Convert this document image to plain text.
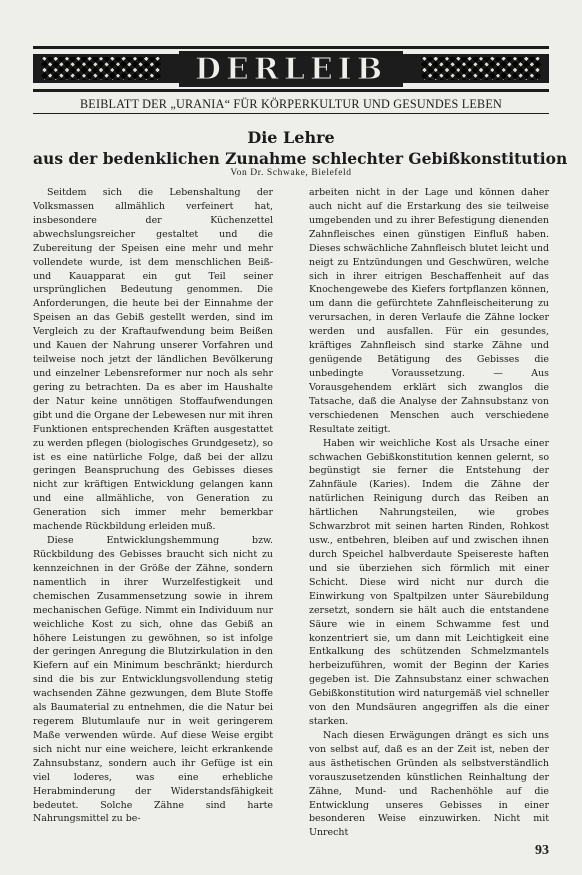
DERLEIB
BEIBLATT DER „URANIA“ FÜR KÖRPERKULTUR UND GESUNDES LEBEN
Die Lehre
aus der bedenklichen Zunahme schlechter Gebißkonstitution
Von Dr. Schwake, Bielefeld

Seitdem sich die Lebenshaltung der Volksmassen allmählich verfeinert hat, insbesondere der Küchenzettel abwechslungsreicher gestaltet und die Zubereitung der Speisen eine mehr und mehr vollendete wurde, ist dem menschlichen Beiß- und Kauapparat ein gut Teil seiner ursprünglichen Bedeutung genommen. Die Anforderungen, die heute bei der Einnahme der Speisen an das Gebiß gestellt werden, sind im Vergleich zu der Kraftaufwendung beim Beißen und Kauen der Nahrung unserer Vorfahren und teilweise noch jetzt der ländlichen Bevölkerung und einzelner Lebensreformer nur noch als sehr gering zu betrachten. Da es aber im Haushalte der Natur keine unnötigen Stoffaufwendungen gibt und die Organe der Lebewesen nur mit ihren Funktionen entsprechenden Kräften ausgestattet zu werden pflegen (biologisches Grundgesetz), so ist es eine natürliche Folge, daß bei der allzu geringen Beanspruchung des Gebisses dieses nicht zur kräftigen Entwicklung gelangen kann und eine allmähliche, von Generation zu Generation sich immer mehr bemerkbar machende Rückbildung erleiden muß.

Diese Entwicklungshemmung bzw. Rückbildung des Gebisses braucht sich nicht zu kennzeichnen in der Größe der Zähne, sondern namentlich in ihrer Wurzelfestigkeit und chemischen Zusammensetzung sowie in ihrem mechanischen Gefüge. Nimmt ein Individuum nur weichliche Kost zu sich, ohne das Gebiß an höhere Leistungen zu gewöhnen, so ist infolge der geringen Anregung die Blutzirkulation in den Kiefern auf ein Minimum beschränkt; hierdurch sind die bis zur Entwicklungsvollendung stetig wachsenden Zähne gezwungen, dem Blute Stoffe als Baumaterial zu entnehmen, die die Natur bei regerem Blutumlaufe nur in weit geringerem Maße verwenden würde. Auf diese Weise ergibt sich nicht nur eine weichere, leicht erkrankende Zahnsubstanz, sondern auch ihr Gefüge ist ein viel loderes, was eine erhebliche Herabminderung der Widerstandsfähigkeit bedeutet. Solche Zähne sind harte Nahrungsmittel zu be-

arbeiten nicht in der Lage und können daher auch nicht auf die Erstarkung des sie teilweise umgebenden und zu ihrer Befestigung dienenden Zahnfleisches einen günstigen Einfluß haben. Dieses schwächliche Zahnfleisch blutet leicht und neigt zu Entzündungen und Geschwüren, welche sich in ihrer eitrigen Beschaffenheit auf das Knochengewebe des Kiefers fortpflanzen können, um dann die gefürchtete Zahnfleischeiterung zu verursachen, in deren Verlaufe die Zähne locker werden und ausfallen. Für ein gesundes, kräftiges Zahnfleisch sind starke Zähne und genügende Betätigung des Gebisses die unbedingte Voraussetzung. — Aus Vorausgehendem erklärt sich zwanglos die Tatsache, daß die Analyse der Zahnsubstanz von verschiedenen Menschen auch verschiedene Resultate zeitigt.

Haben wir weichliche Kost als Ursache einer schwachen Gebißkonstitution kennen gelernt, so begünstigt sie ferner die Entstehung der Zahnfäule (Karies). Indem die Zähne der natürlichen Reinigung durch das Reiben an härtlichen Nahrungsteilen, wie grobes Schwarzbrot mit seinen harten Rinden, Rohkost usw., entbehren, bleiben auf und zwischen ihnen durch Speichel halbverdaute Speisereste haften und sie überziehen sich förmlich mit einer Schicht. Diese wird nicht nur durch die Einwirkung von Spaltpilzen unter Säurebildung zersetzt, sondern sie hält auch die entstandene Säure wie in einem Schwamme fest und konzentriert sie, um dann mit Leichtigkeit eine Entkalkung des schützenden Schmelzmantels herbeizuführen, womit der Beginn der Karies gegeben ist. Die Zahnsubstanz einer schwachen Gebißkonstitution wird naturgemäß viel schneller von den Mundsäuren angegriffen als die einer starken.

Nach diesen Erwägungen drängt es sich uns von selbst auf, daß es an der Zeit ist, neben der aus ästhetischen Gründen als selbstverständlich vorauszusetzenden künstlichen Reinhaltung der Zähne, Mund- und Rachenhöhle auf die Entwicklung unseres Gebisses in einer besonderen Weise einzuwirken. Nicht mit Unrecht

93
